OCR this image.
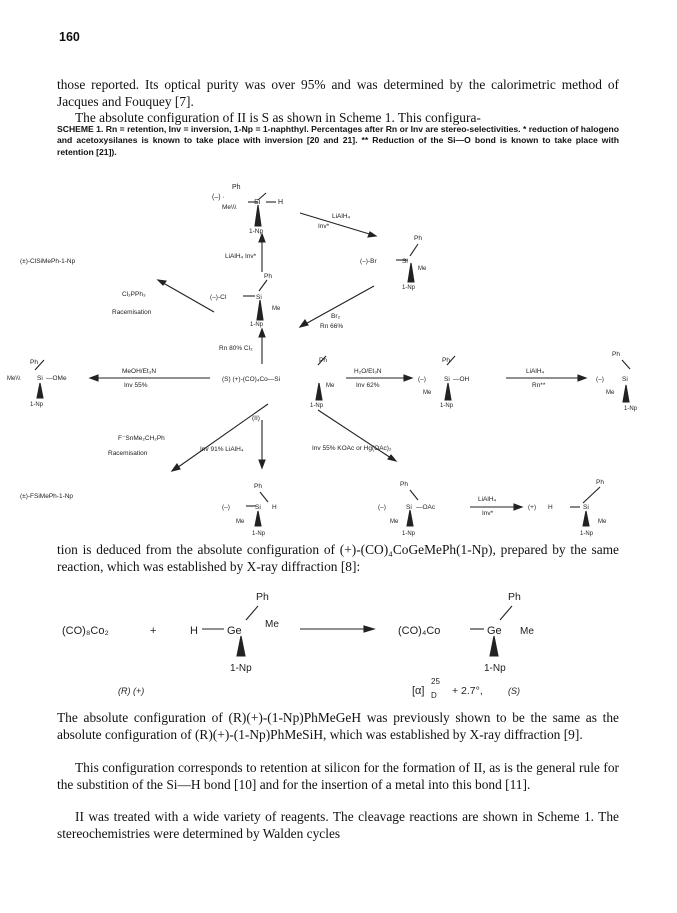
160

those reported. Its optical purity was over 95% and was determined by the calorimetric method of Jacques and Fouquey [7].

The absolute configuration of II is S as shown in Scheme 1. This configura-

SCHEME 1. Rn = retention, Inv = inversion, 1-Np = 1-naphthyl. Percentages after Rn or Inv are stereo-selectivities. * reduction of halogeno and acetoxysilanes is known to take place with inversion [20 and 21]. ** Reduction of the Si—O bond is known to take place with retention [21]).

Ph
(–) ·
Me\\\
Si	H
1-Np
LiAlH₄
Inv*
(±)-ClSiMePh-1-Np
LiAlH₄ Inv*
Ph
(–)-Br	Si
Me
1-Np
Cl₂PPh₃
Racemisation
Ph
(–)-Cl	Si
Me
1-Np
Br₂
Rn 66%
Rn 80% Cl₂
Ph
Me\\\	Si —OMe
1-Np
MeOH/Et₃N
Inv 55%
Ph
(S) (+)-(CO)₄Co—Si
Me
1-Np
H₂O/Et₃N
Inv 62%
(–)
Ph
Me
Si —OH
1-Np
LiAlH₄
Rn**
(–)
Ph
Si
Me
1-Np
(II)
F⁻SnMe₂CH₂Ph
Racemisation
Inv 91% LiAlH₄	Inv 55% KOAc or Hg(OAc)₂
(±)-FSiMePh-1-Np
Ph
(–)
Me
Si H
1-Np
Ph
(–)
Me
Si —OAc
1-Np
LiAlH₄
Inv*
Ph
(+) H	Si
Me
1-Np

tion is deduced from the absolute configuration of (+)-(CO)₄CoGeMePh(1-Np), prepared by the same reaction, which was established by X-ray diffraction [8]:

(CO)₈Co₂	+	H	Ge
Me
Ph
1-Np
(R) (+)
(CO)₄Co	Ge Me
Ph
1-Np
[α]
25
D + 2.7°,	(S)

The absolute configuration of (R)(+)-(1-Np)PhMeGeH was previously shown to be the same as the absolute configuration of (R)(+)-(1-Np)PhMeSiH, which was established by X-ray diffraction [9].

This configuration corresponds to retention at silicon for the formation of II, as is the general rule for the substition of the Si—H bond [10] and for the insertion of a metal into this bond [11].

II was treated with a wide variety of reagents. The cleavage reactions are shown in Scheme 1. The stereochemistries were determined by Walden cycles
